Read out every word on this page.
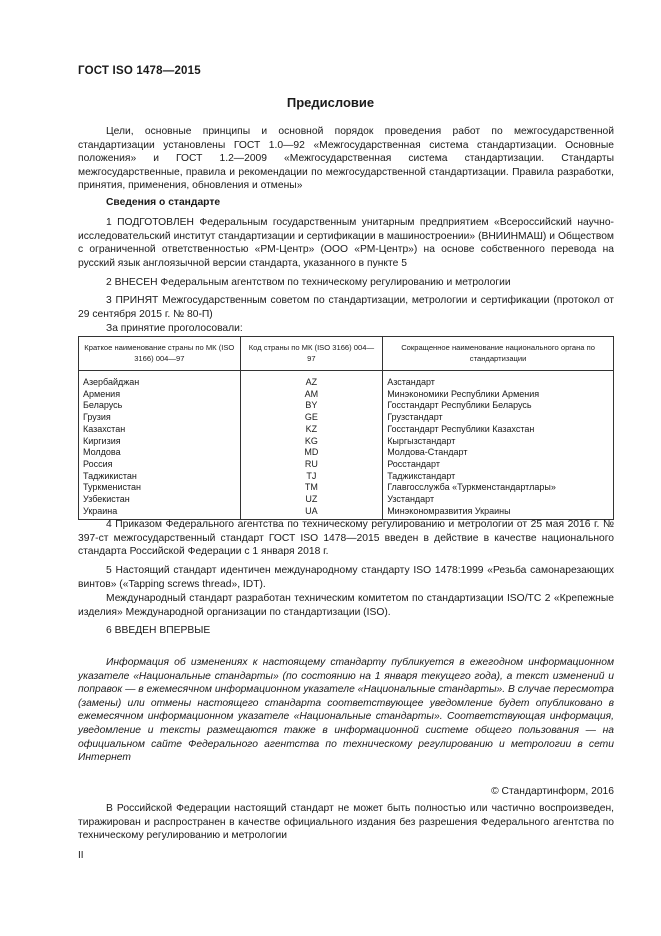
ГОСТ ISO 1478—2015
Предисловие

Цели, основные принципы и основной порядок проведения работ по межгосударственной стандартизации установлены ГОСТ 1.0—92 «Межгосударственная система стандартизации. Основные положения» и ГОСТ 1.2—2009 «Межгосударственная система стандартизации. Стандарты межгосударственные, правила и рекомендации по межгосударственной стандартизации. Правила разработки, принятия, применения, обновления и отмены»

Сведения о стандарте

1 ПОДГОТОВЛЕН Федеральным государственным унитарным предприятием «Всероссийский научно-исследовательский институт стандартизации и сертификации в машиностроении» (ВНИИНМАШ) и Обществом с ограниченной ответственностью «РМ-Центр» (ООО «РМ-Центр») на основе собственного перевода на русский язык англоязычной версии стандарта, указанного в пункте 5

2 ВНЕСЕН Федеральным агентством по техническому регулированию и метрологии

3 ПРИНЯТ Межгосударственным советом по стандартизации, метрологии и сертификации (протокол от 29 сентября 2015 г. № 80-П)

За принятие проголосовали:

Краткое наименование страны по МК (ISO 3166) 004—97	Код страны по МК (ISO 3166) 004—97	Сокращенное наименование национального органа по стандартизации
Азербайджан	AZ	Азстандарт
Армения	AM	Минэкономики Республики Армения
Беларусь	BY	Госстандарт Республики Беларусь
Грузия	GE	Грузстандарт
Казахстан	KZ	Госстандарт Республики Казахстан
Киргизия	KG	Кыргызстандарт
Молдова	MD	Молдова-Стандарт
Россия	RU	Росстандарт
Таджикистан	TJ	Таджикстандарт
Туркменистан	TM	Главгосслужба «Туркменстандартлары»
Узбекистан	UZ	Узстандарт
Украина	UA	Минэкономразвития Украины

4 Приказом Федерального агентства по техническому регулированию и метрологии от 25 мая 2016 г. № 397-ст межгосударственный стандарт ГОСТ ISO 1478—2015 введен в действие в качестве национального стандарта Российской Федерации с 1 января 2018 г.

5 Настоящий стандарт идентичен международному стандарту ISO 1478:1999 «Резьба самонарезающих винтов» («Tapping screws thread», IDT).

Международный стандарт разработан техническим комитетом по стандартизации ISO/TC 2 «Крепежные изделия» Международной организации по стандартизации (ISO).

6 ВВЕДЕН ВПЕРВЫЕ

Информация об изменениях к настоящему стандарту публикуется в ежегодном информационном указателе «Национальные стандарты» (по состоянию на 1 января текущего года), а текст изменений и поправок — в ежемесячном информационном указателе «Национальные стандарты». В случае пересмотра (замены) или отмены настоящего стандарта соответствующее уведомление будет опубликовано в ежемесячном информационном указателе «Национальные стандарты». Соответствующая информация, уведомление и тексты размещаются также в информационной системе общего пользования — на официальном сайте Федерального агентства по техническому регулированию и метрологии в сети Интернет

© Стандартинформ, 2016

В Российской Федерации настоящий стандарт не может быть полностью или частично воспроизведен, тиражирован и распространен в качестве официального издания без разрешения Федерального агентства по техническому регулированию и метрологии

II
